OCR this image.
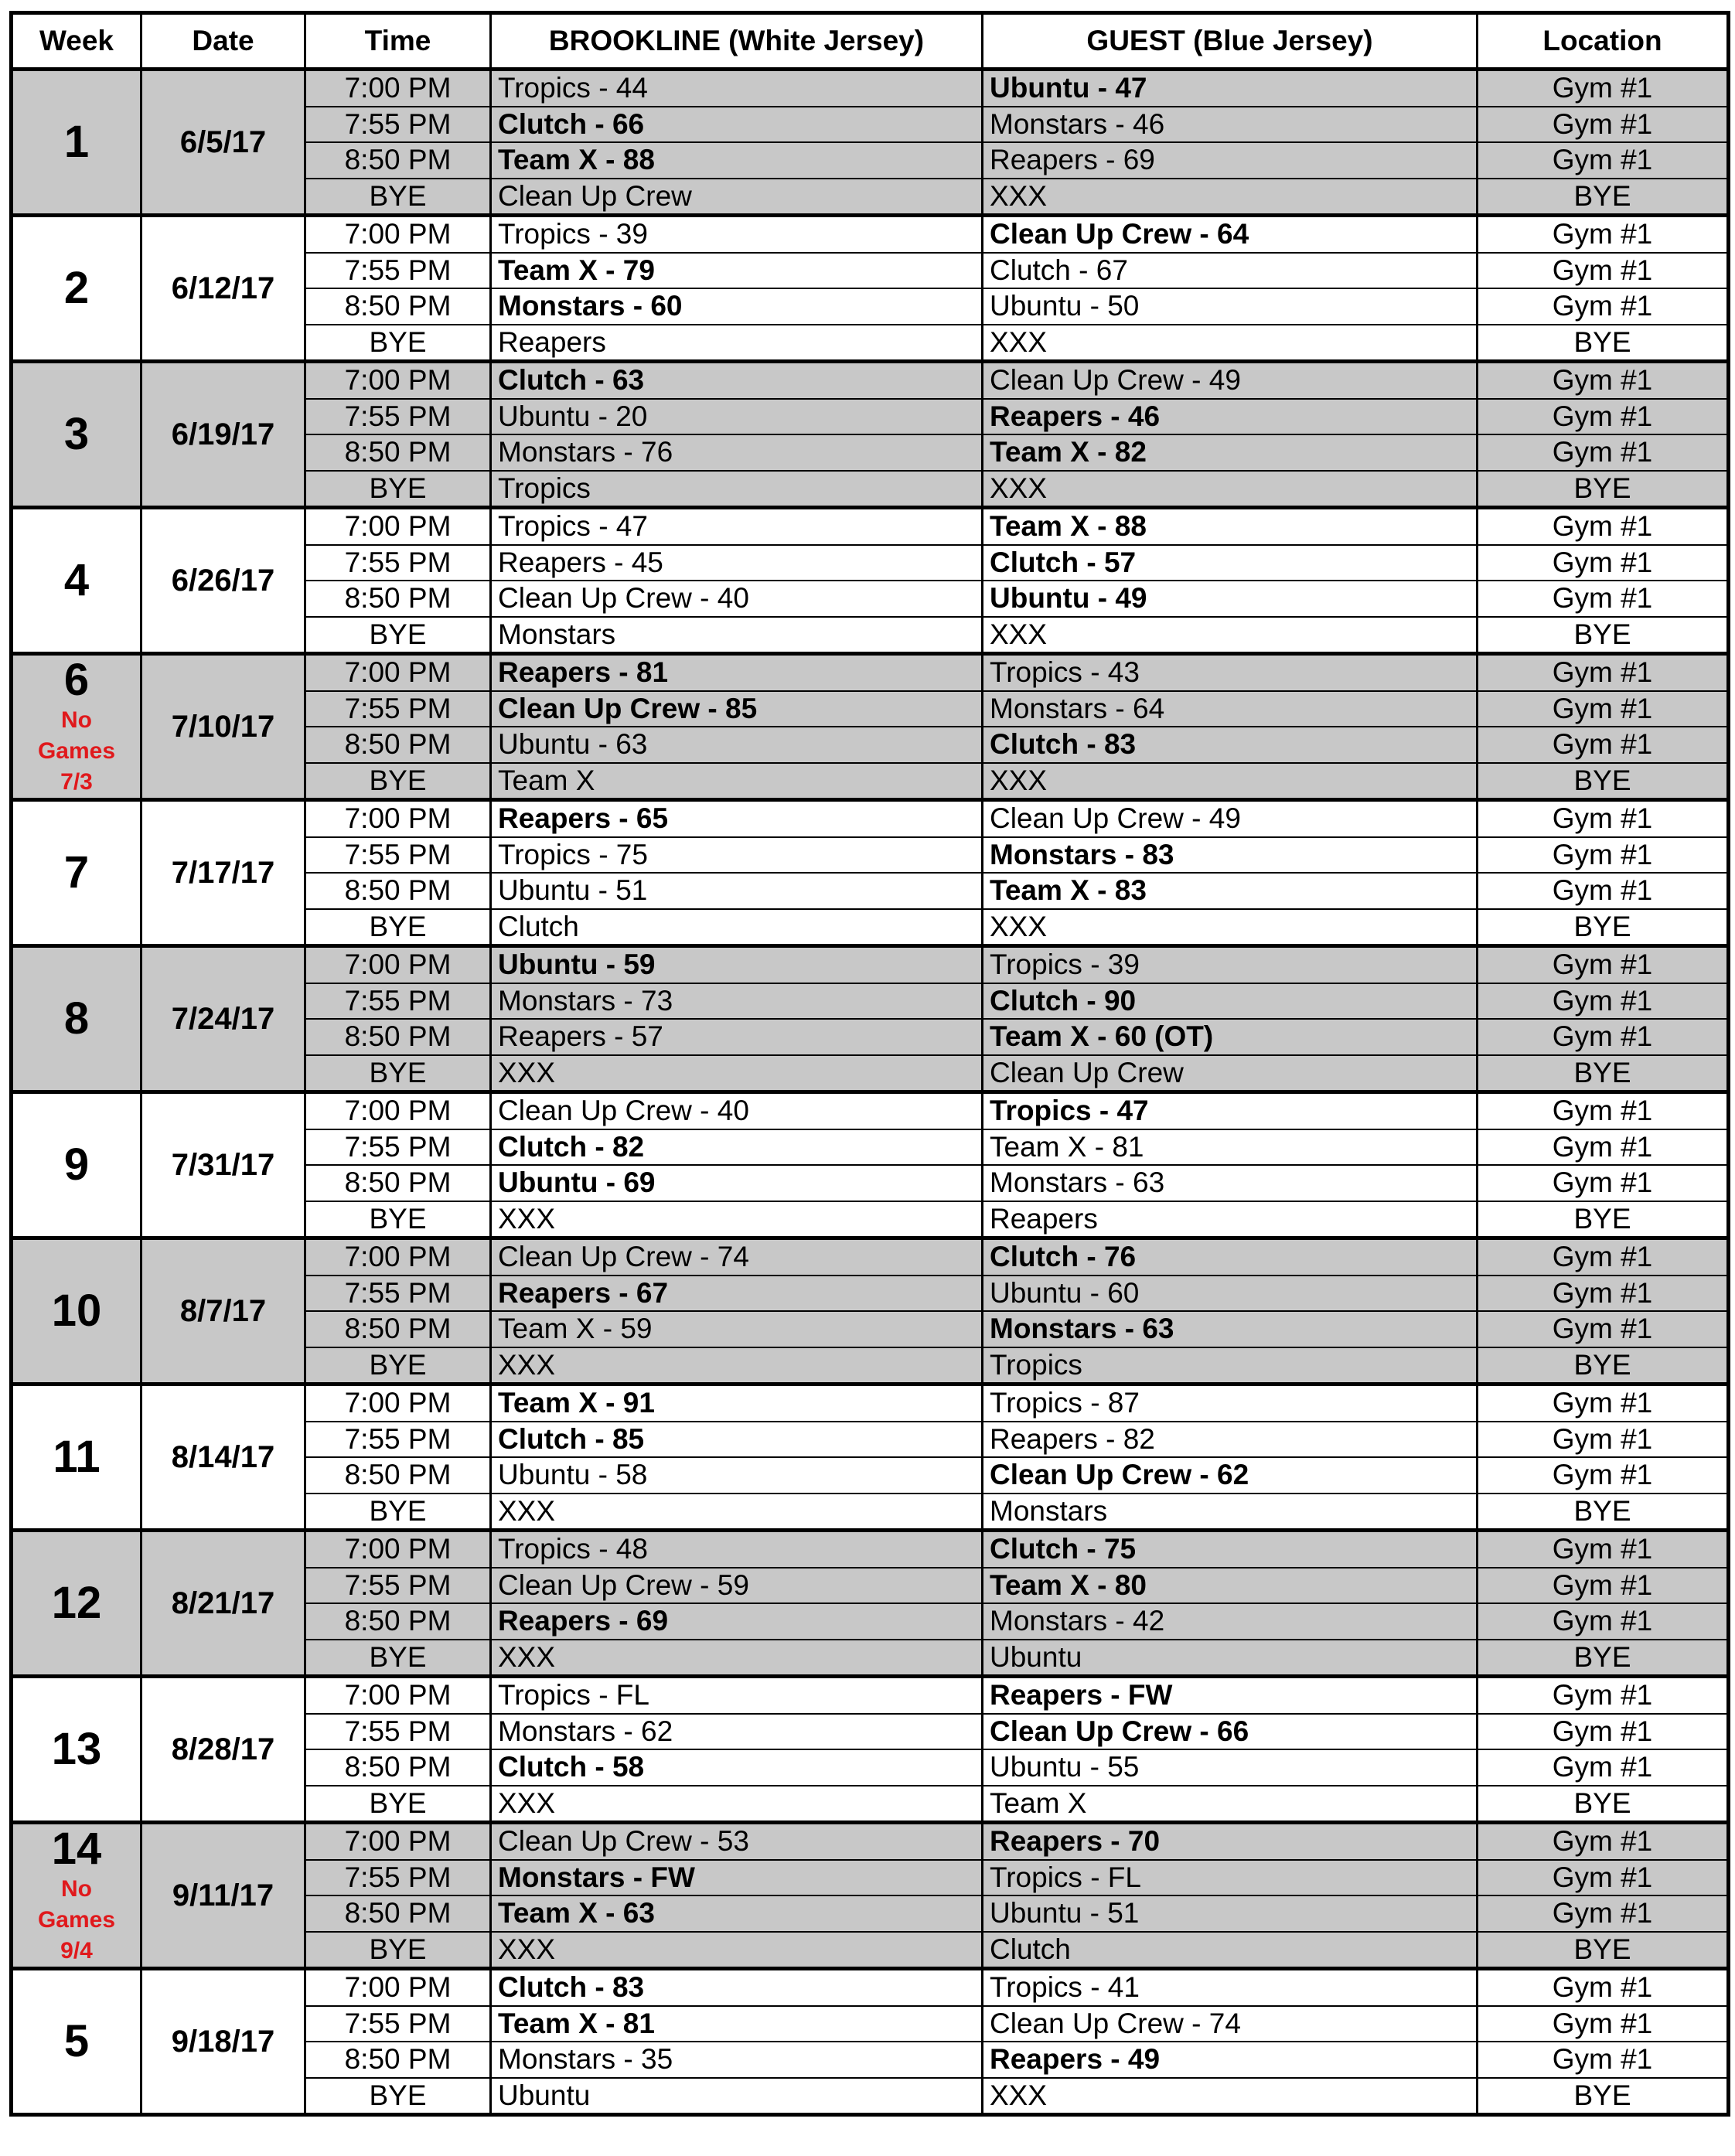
Week	Date	Time	BROOKLINE (White Jersey)	GUEST (Blue Jersey)	Location

1	6/5/17	7:00 PM	Tropics - 44	Ubuntu - 47	Gym #1
		7:55 PM	Clutch - 66	Monstars - 46	Gym #1
		8:50 PM	Team X - 88	Reapers - 69	Gym #1
		BYE	Clean Up Crew	XXX	BYE

2	6/12/17	7:00 PM	Tropics - 39	Clean Up Crew - 64	Gym #1
		7:55 PM	Team X - 79	Clutch - 67	Gym #1
		8:50 PM	Monstars - 60	Ubuntu - 50	Gym #1
		BYE	Reapers	XXX	BYE

3	6/19/17	7:00 PM	Clutch - 63	Clean Up Crew - 49	Gym #1
		7:55 PM	Ubuntu - 20	Reapers - 46	Gym #1
		8:50 PM	Monstars - 76	Team X - 82	Gym #1
		BYE	Tropics	XXX	BYE

4	6/26/17	7:00 PM	Tropics - 47	Team X - 88	Gym #1
		7:55 PM	Reapers - 45	Clutch - 57	Gym #1
		8:50 PM	Clean Up Crew - 40	Ubuntu - 49	Gym #1
		BYE	Monstars	XXX	BYE

6
No
Games
7/3	7/10/17	7:00 PM	Reapers - 81	Tropics - 43	Gym #1
		7:55 PM	Clean Up Crew - 85	Monstars - 64	Gym #1
		8:50 PM	Ubuntu - 63	Clutch - 83	Gym #1
		BYE	Team X	XXX	BYE

7	7/17/17	7:00 PM	Reapers - 65	Clean Up Crew - 49	Gym #1
		7:55 PM	Tropics - 75	Monstars - 83	Gym #1
		8:50 PM	Ubuntu - 51	Team X - 83	Gym #1
		BYE	Clutch	XXX	BYE

8	7/24/17	7:00 PM	Ubuntu - 59	Tropics - 39	Gym #1
		7:55 PM	Monstars - 73	Clutch - 90	Gym #1
		8:50 PM	Reapers - 57	Team X - 60 (OT)	Gym #1
		BYE	XXX	Clean Up Crew	BYE

9	7/31/17	7:00 PM	Clean Up Crew - 40	Tropics - 47	Gym #1
		7:55 PM	Clutch - 82	Team X - 81	Gym #1
		8:50 PM	Ubuntu - 69	Monstars - 63	Gym #1
		BYE	XXX	Reapers	BYE

10	8/7/17	7:00 PM	Clean Up Crew - 74	Clutch - 76	Gym #1
		7:55 PM	Reapers - 67	Ubuntu - 60	Gym #1
		8:50 PM	Team X - 59	Monstars - 63	Gym #1
		BYE	XXX	Tropics	BYE

11	8/14/17	7:00 PM	Team X - 91	Tropics - 87	Gym #1
		7:55 PM	Clutch - 85	Reapers - 82	Gym #1
		8:50 PM	Ubuntu - 58	Clean Up Crew - 62	Gym #1
		BYE	XXX	Monstars	BYE

12	8/21/17	7:00 PM	Tropics - 48	Clutch - 75	Gym #1
		7:55 PM	Clean Up Crew - 59	Team X - 80	Gym #1
		8:50 PM	Reapers - 69	Monstars - 42	Gym #1
		BYE	XXX	Ubuntu	BYE

13	8/28/17	7:00 PM	Tropics - FL	Reapers - FW	Gym #1
		7:55 PM	Monstars - 62	Clean Up Crew - 66	Gym #1
		8:50 PM	Clutch - 58	Ubuntu - 55	Gym #1
		BYE	XXX	Team X	BYE

14
No
Games
9/4	9/11/17	7:00 PM	Clean Up Crew - 53	Reapers - 70	Gym #1
		7:55 PM	Monstars - FW	Tropics - FL	Gym #1
		8:50 PM	Team X - 63	Ubuntu - 51	Gym #1
		BYE	XXX	Clutch	BYE

5	9/18/17	7:00 PM	Clutch - 83	Tropics - 41	Gym #1
		7:55 PM	Team X - 81	Clean Up Crew - 74	Gym #1
		8:50 PM	Monstars - 35	Reapers - 49	Gym #1
		BYE	Ubuntu	XXX	BYE
